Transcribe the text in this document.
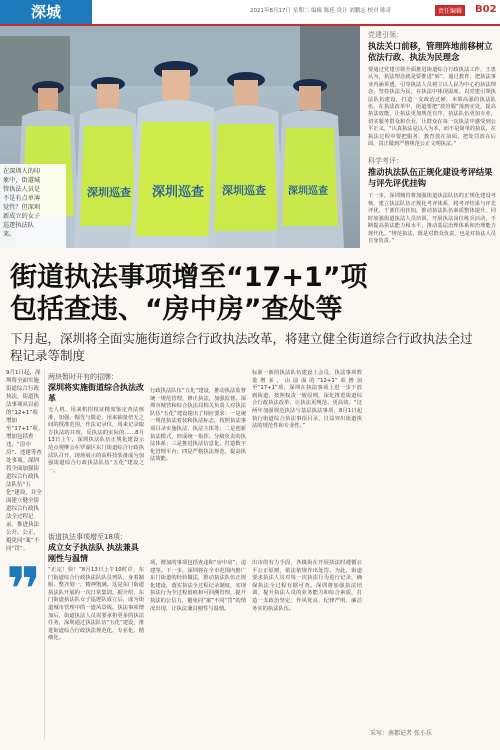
深城	2021年8月17日 星期二 编辑 陈延 设计 刘鹏志 校对 陈奇	责任编辑	B02
深圳巡查 深圳巡查 深圳巡查 深圳巡查
在深圳人的印
象中，街道城
管执法人员是
不是有点单薄
觉性？但深圳
新成立的女子
巡逻执法队
来。
党建引领：
执法关口前移，管理阵地前移树立依法行政、执法为民理念
要通过党建引领全面推进街道综合行政执法工作，王恵认为，执法理念就是要推进“转”，通过教育，把执法事业内涵讲透，引导执法人员树立以人民为中心的执法理念，坚持执法为民，在执法中体现温度。以党建引领执法队伍建设，打造一支政治过硬、本领高强的执法队伍。在执法改革中，街道要把“放管服”落到实处，提高执法效能，让执法更加规范有序，执法队伍更加专业，切实服务群众和企业，让群众在每一次执法中感受到公平正义。“认真执法是以人为本，而不是简单的执法，在执法过程中要把服务，教育放在前面，把处罚放在后面，真正做到严格规范公正文明执法。”
科学考评：
推动执法队伍正规化建设考评结果与评先评优挂钩
下一步，深圳城管将加强街道执法队伍的正规化建设考核，建立执法队伍正规化考评体系，将考评结果与评先评优、干部任用挂钩，推动执法队伍素质整体提升。同时加强街道执法人员培训，开展执法岗位练兵活动，不断提高执法能力和水平，推动基层治理体系和治理能力现代化。“规范执法，既是对群众负责，也是对执法人员自身负责。”
街道执法事项增至“17+1”项
包括查违、“房中房”查处等
下月起，深圳将全面实施街道综合行政执法改革，将建立健全街道综合行政执法全过程记录等制度
9月1日起，深圳将全面实施街道综合行政执法，街道执法事项从以前的“12+1”项增加至“17+1”项。增加包括查违、“房中房”、违建等查处事项。深圳将全面加强街道综合行政执法队伍“五化”建设，并全面建立健全街道综合行政执法全过程记录。推进执法公开，公正，避免同“案”不同“罚”。
❞
两块暂时开有的招牌：
深圳将实施街道综合执法改革
无人机、用来机招权证精度鉴定查法核准、加强，掘光与限论，用来抽量倍无之间的授准范围，作法记录仪，用来记录取方执法的并现，反执法的实际的……8月13日上午，深圳执法队伍正规化建设示范点观摩会在罗湖区东门街道综合行政执法队召开，现场展示的高科技装备成为加强街道综合行政执法队伍“五化”建设之一。
行政执法队伍“五化”建设，推动执法监督统一规范管理，修正执法，加强监督。深圳市城管和综合执法局相关负责人对执法队伍“五化”建设提出了相应要求：一是统一规范执法着装和执法标志，按照执法事项目录实施执法，执法主体等；二是创新执法模式，形成统一指挥、分级负责的执法体系；三是推进执法信息化，打造数字化管理平台；四是严格执法规范，提高执法效能。
标新一新的执法队伍建设上会员，执法事项数量增多，由前面的“12+1”项增加至“17+1”项，深圳在执法事项上进一步下放到街道，按照权责一致原则，深化推进街道综合行政执法改革，让执法更规范、更高效。“这两年加强规范执法与基层执法事项，8月1日起执行街道综合执法事项目录，日益突出街道执法的规范性和专业性。”
街道执法事项增至18项：
成立女子执法队 执法兼具刚性与温情
“正定！快！”8月13日上午10时许，东门街道综合行政执法队队员列队，身着制服，整齐划一，精神饱满。这是东门街道执法队开展的一次日常集训。据介绍，东门街道执法队女子巡逻队成立后，成为街道城市管理中的一道风景线。执法事项增加后，街道执法人员需要承担更多的执法任务，深圳通过执法队伍“五化”建设，推进街道综合行政执法规范化、专业化、精细化。
项，增加的事项包括查违和“房中房”，违建等。下一步，深圳将在全市范围内推广东门街道的经验做法，推动执法队伍正规化建设，落实执法全过程记录制度，实现执法行为全过程留痕和可回溯管理，提升执法的公信力，避免同“案”不同“罚”的情况出现，让执法兼具刚性与温情。
出市的有力手段，各镇街在开展执法时遵循公平公正原则，依法依规作出处罚。为此，街道要求执法人员对每一次执法行为进行记录，确保执法全过程有据可查。深圳将加强执法培训，提升执法人员的业务能力和综合素质，打造一支政治坚定、作风优良、纪律严明、廉洁务实的执法队伍。
采写：南都记者 张小乐
